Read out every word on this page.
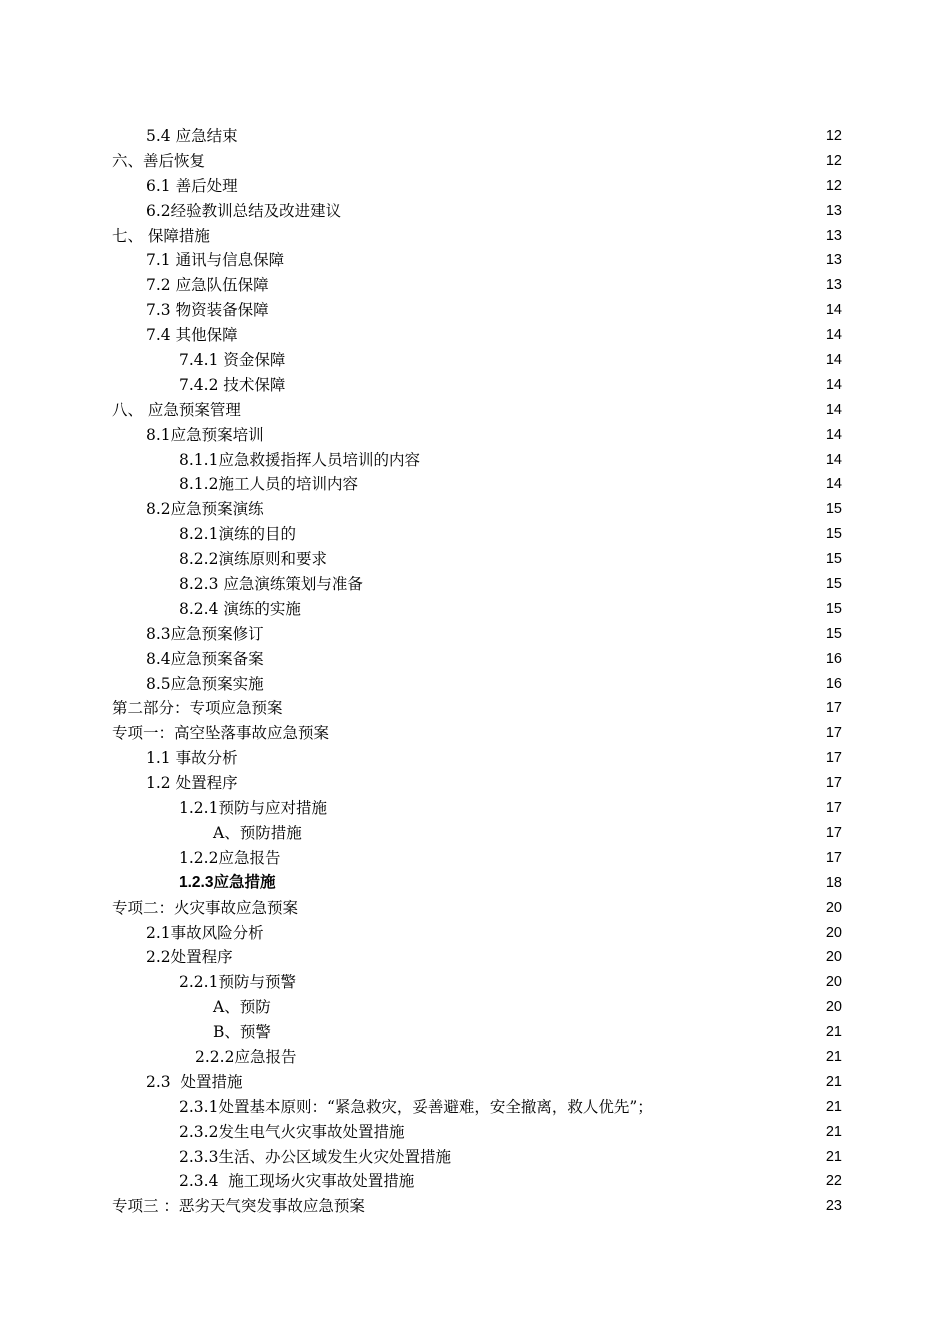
5.4 应急结束	12
六、善后恢复	12
6.1 善后处理	12
6.2经验教训总结及改进建议	13
七、 保障措施	13
7.1 通讯与信息保障	13
7.2 应急队伍保障	13
7.3 物资装备保障	14
7.4 其他保障	14
7.4.1 资金保障	14
7.4.2 技术保障	14
八、 应急预案管理	14
8.1应急预案培训	14
8.1.1应急救援指挥人员培训的内容	14
8.1.2施工人员的培训内容	14
8.2应急预案演练	15
8.2.1演练的目的	15
8.2.2演练原则和要求	15
8.2.3 应急演练策划与准备	15
8.2.4 演练的实施	15
8.3应急预案修订	15
8.4应急预案备案	16
8.5应急预案实施	16
第二部分：专项应急预案	17
专项一：高空坠落事故应急预案	17
1.1 事故分析	17
1.2 处置程序	17
1.2.1预防与应对措施	17
A、预防措施	17
1.2.2应急报告	17
1.2.3应急措施	18
专项二：火灾事故应急预案	20
2.1事故风险分析	20
2.2处置程序	20
2.2.1预防与预警	20
A、预防	20
B、预警	21
2.2.2应急报告	21
2.3  处置措施	21
2.3.1处置基本原则：“紧急救灾，妥善避难，安全撤离，救人优先”；	21
2.3.2发生电气火灾事故处置措施	21
2.3.3生活、办公区域发生火灾处置措施	21
2.3.4  施工现场火灾事故处置措施	22
专项三 ：恶劣天气突发事故应急预案	23
